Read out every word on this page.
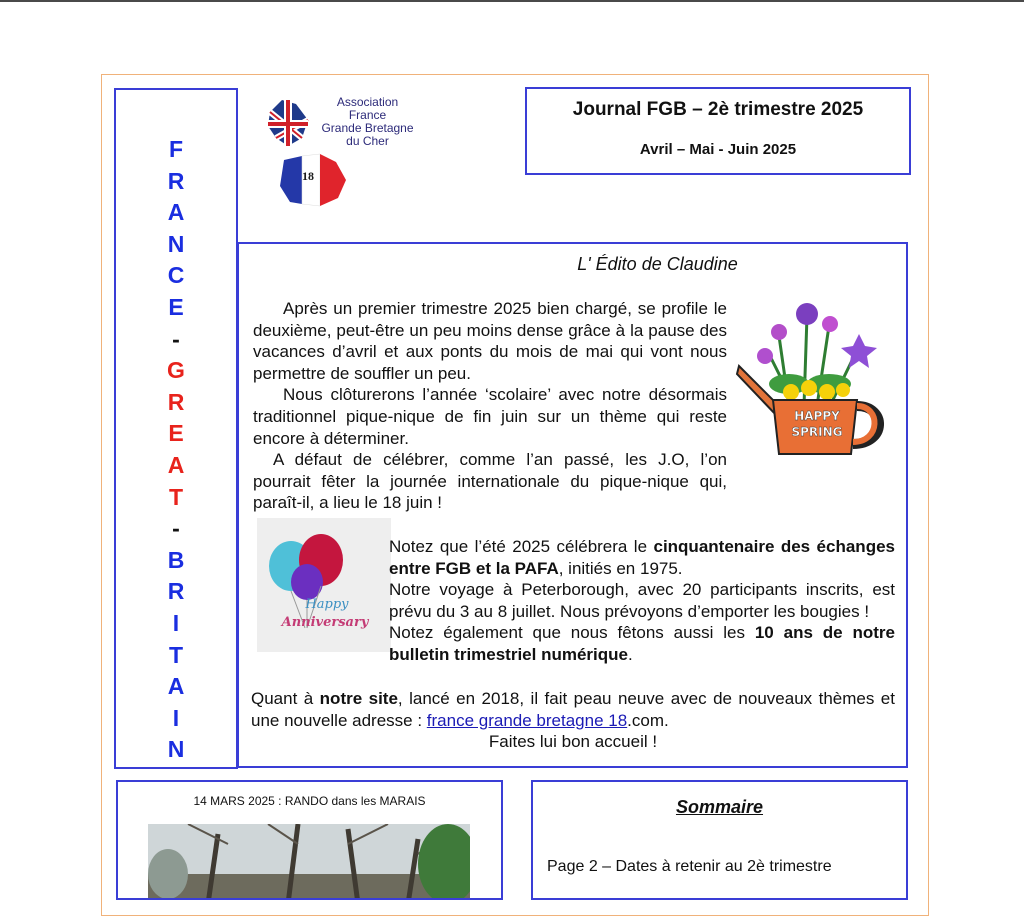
F
R
A
N
C
E
-
G
R
E
A
T
-
B
R
I
T
A
I
N
18
Association
France
Grande Bretagne
du Cher
Journal FGB – 2è trimestre 2025
Avril – Mai - Juin 2025
L' Édito de Claudine
Après un premier trimestre 2025 bien chargé, se profile le deuxième, peut-être un peu moins dense grâce à la pause des vacances d’avril et aux ponts du mois de mai qui vont nous permettre de souffler un peu.
Nous clôturerons l’année ‘scolaire’ avec notre désormais traditionnel pique-nique de fin juin sur un thème qui reste encore à déterminer.
A défaut de célébrer, comme l’an passé, les J.O, l’on pourrait fêter la journée internationale du pique-nique qui, paraît-il, a lieu le 18 juin !
HAPPY
SPRING
Happy
Anniversary
Notez que l’été 2025 célébrera le cinquantenaire des échanges entre FGB et la PAFA, initiés en 1975.
Notre voyage à Peterborough, avec 20 participants inscrits, est prévu du 3 au 8 juillet. Nous prévoyons d’emporter les bougies !
Notez également que nous fêtons aussi les 10 ans de notre bulletin trimestriel numérique.
Quant à notre site, lancé en 2018, il fait peau neuve avec de nouveaux thèmes et une nouvelle adresse : france grande bretagne 18.com.
Faites lui bon accueil !
14 MARS 2025 : RANDO dans les MARAIS	Sommaire
Page 2 – Dates à retenir au 2è trimestre
